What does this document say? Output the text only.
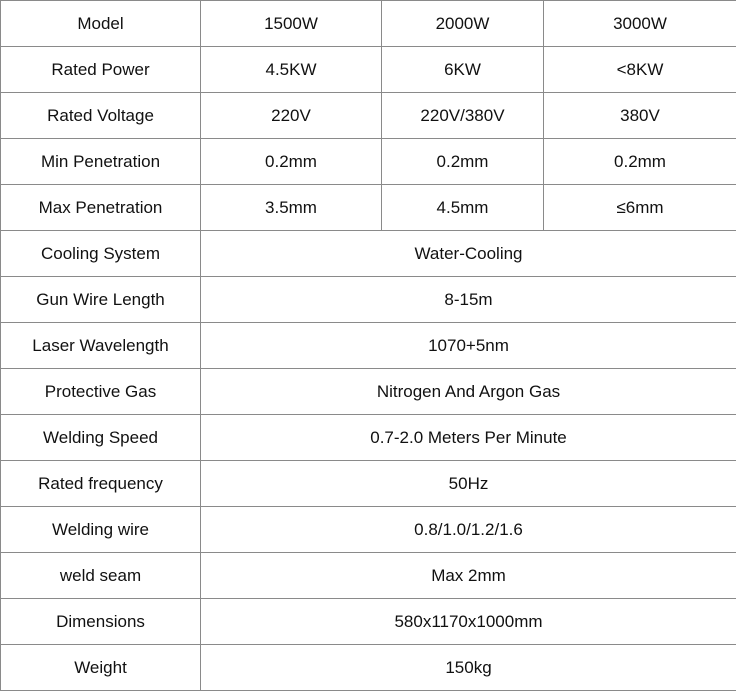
Model	1500W	2000W	3000W
Rated Power	4.5KW	6KW	<8KW
Rated Voltage	220V	220V/380V	380V
Min Penetration	0.2mm	0.2mm	0.2mm
Max Penetration	3.5mm	4.5mm	≤6mm
Cooling System	Water-Cooling		
Gun Wire Length	8-15m		
Laser Wavelength	1070+5nm		
Protective Gas	Nitrogen And Argon Gas		
Welding Speed	0.7-2.0 Meters Per Minute		
Rated frequency	50Hz		
Welding wire	0.8/1.0/1.2/1.6		
weld seam	Max 2mm		
Dimensions	580x1170x1000mm		
Weight	150kg		
